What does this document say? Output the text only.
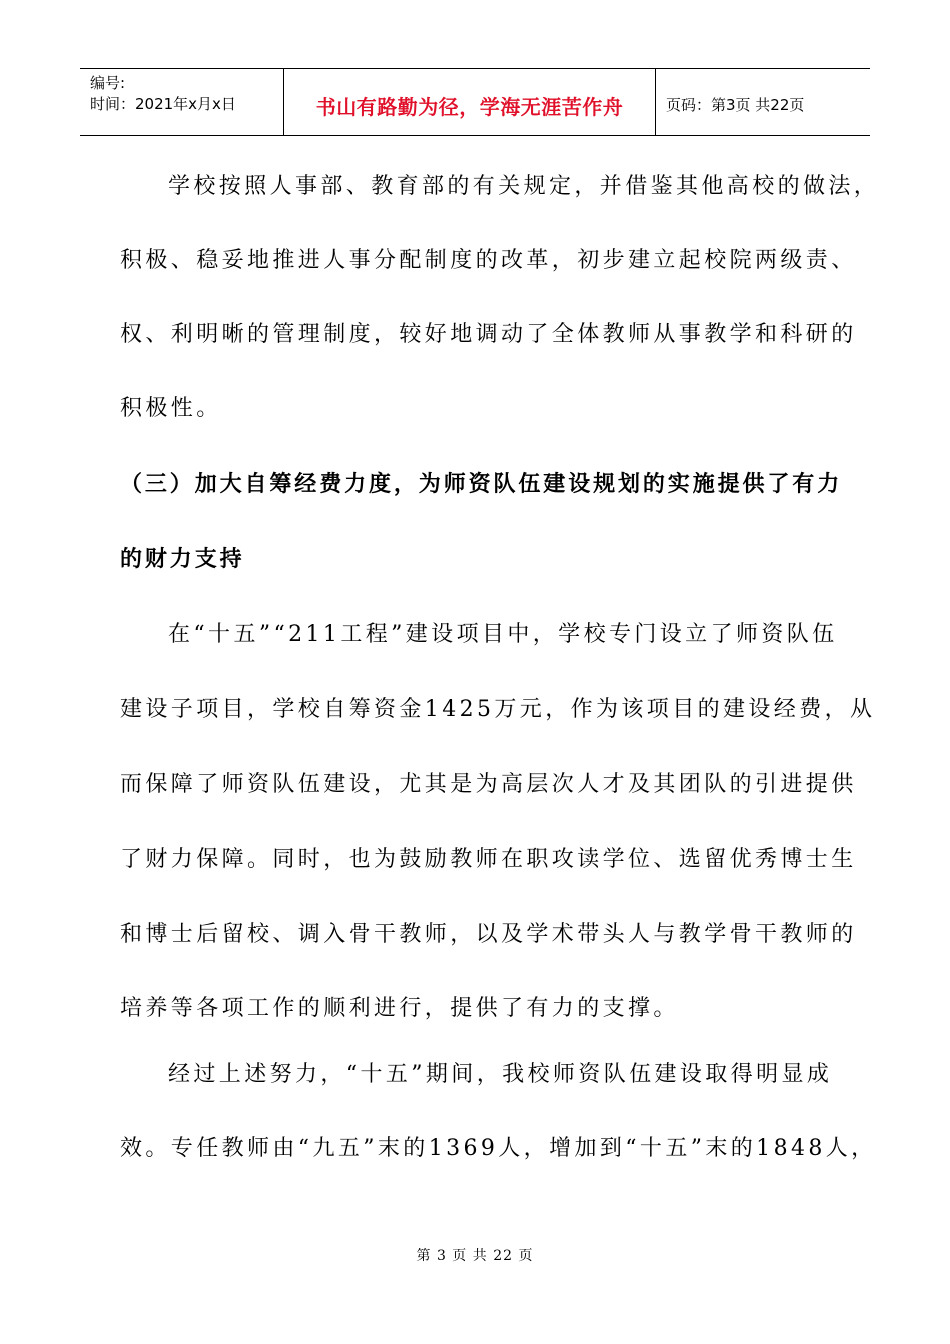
编号:
时间：2021年x月x日	书山有路勤为径，学海无涯苦作舟	页码：第3页 共22页
学校按照人事部、教育部的有关规定，并借鉴其他高校的做法，
积极、稳妥地推进人事分配制度的改革，初步建立起校院两级责、
权、利明晰的管理制度，较好地调动了全体教师从事教学和科研的
积极性。
（三）加大自筹经费力度，为师资队伍建设规划的实施提供了有力
的财力支持
在“十五”“211工程”建设项目中，学校专门设立了师资队伍
建设子项目，学校自筹资金1425万元，作为该项目的建设经费，从
而保障了师资队伍建设，尤其是为高层次人才及其团队的引进提供
了财力保障。同时，也为鼓励教师在职攻读学位、选留优秀博士生
和博士后留校、调入骨干教师，以及学术带头人与教学骨干教师的
培养等各项工作的顺利进行，提供了有力的支撑。
经过上述努力，“十五”期间，我校师资队伍建设取得明显成
效。专任教师由“九五”末的1369人，增加到“十五”末的1848人，
第 3 页 共 22 页
